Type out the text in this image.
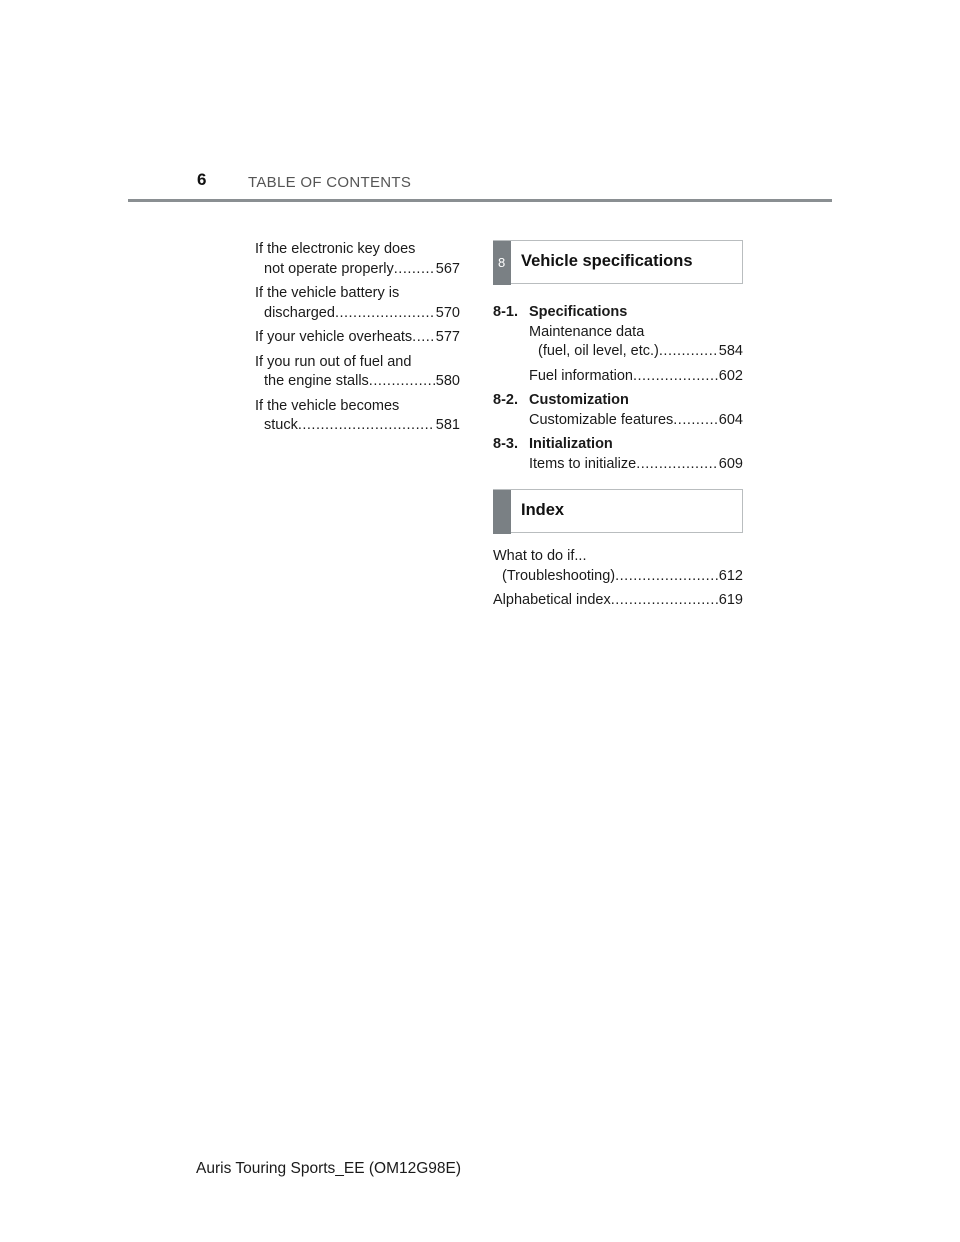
6	TABLE OF CONTENTS
If the electronic key does
not operate properly .....	567
If the vehicle battery is
discharged .....	570
If your vehicle overheats ..... 577
If you run out of fuel and
the engine stalls .....	580
If the vehicle becomes
stuck .....	581
8 Vehicle specifications
8-1. Specifications
Maintenance data
(fuel, oil level, etc.) .....	584
Fuel information .....	602
8-2. Customization
Customizable features .....	604
8-3. Initialization
Items to initialize .....	609
Index
What to do if...
(Troubleshooting) .....	612
Alphabetical index .....	619
Auris Touring Sports_EE (OM12G98E)
